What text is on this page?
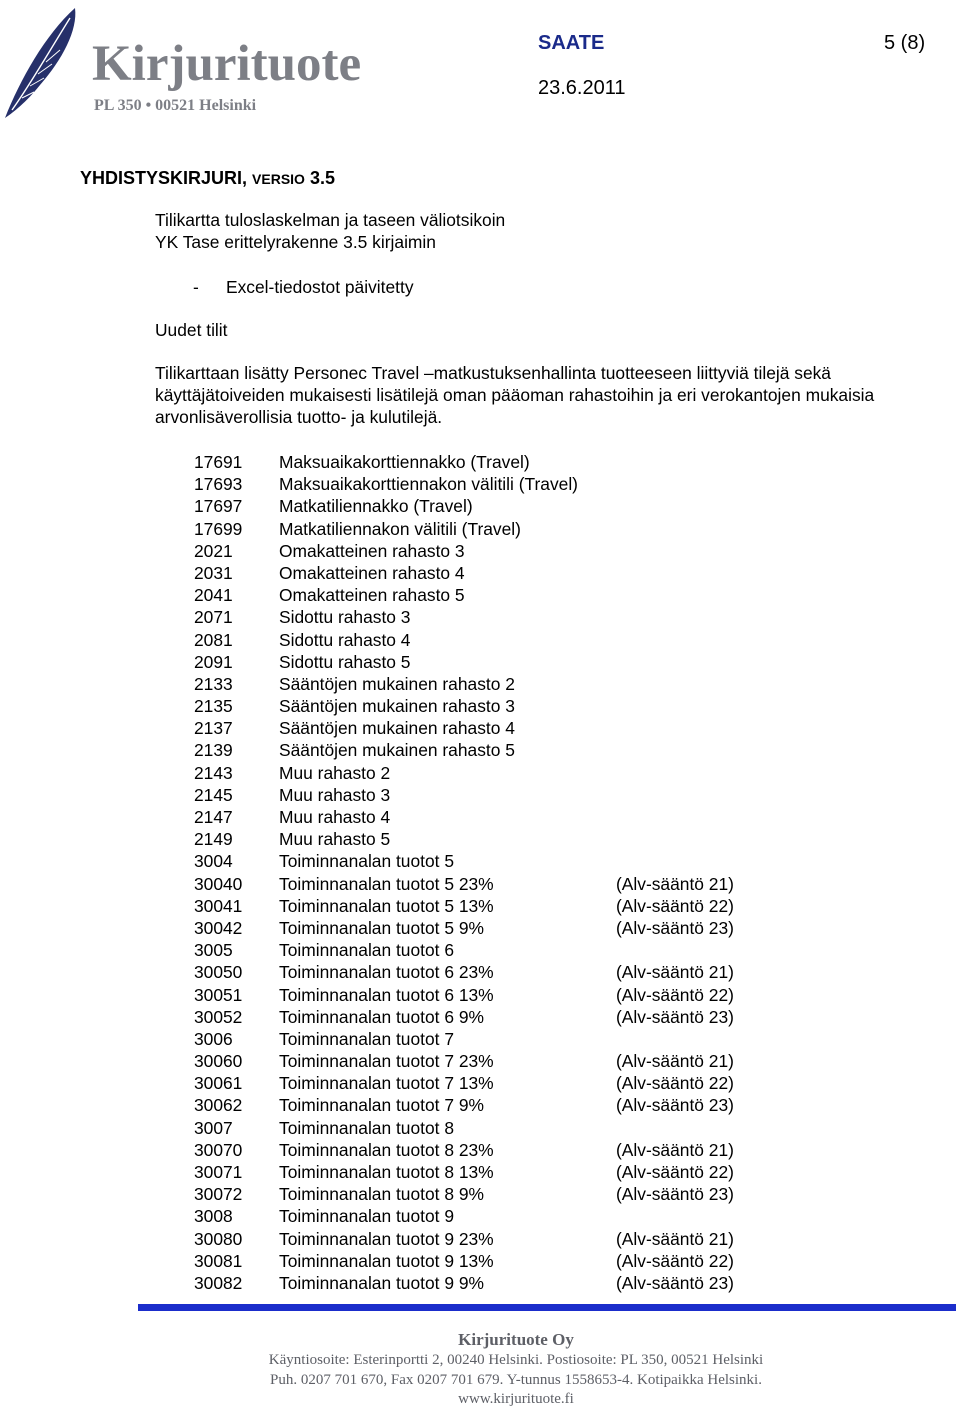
Kirjurituote
PL 350 • 00521 Helsinki
SAATE	5 (8)
23.6.2011
YHDISTYSKIRJURI, VERSIO 3.5
Tilikartta tuloslaskelman ja taseen väliotsikoin
YK Tase erittelyrakenne 3.5 kirjaimin
- Excel-tiedostot päivitetty
Uudet tilit
Tilikarttaan lisätty Personec Travel –matkustuksenhallinta tuotteeseen liittyviä tilejä sekä käyttäjätoiveiden mukaisesti lisätilejä oman pääoman rahastoihin ja eri verokantojen mukaisia arvonlisäverollisia tuotto- ja kulutilejä.
17691 Maksuaikakorttiennakko (Travel)
17693 Maksuaikakorttiennakon välitili (Travel)
17697 Matkatiliennakko (Travel)
17699 Matkatiliennakon välitili (Travel)
2021	Omakatteinen rahasto 3
2031	Omakatteinen rahasto 4
2041	Omakatteinen rahasto 5
2071	Sidottu rahasto 3
2081	Sidottu rahasto 4
2091	Sidottu rahasto 5
2133	Sääntöjen mukainen rahasto 2
2135	Sääntöjen mukainen rahasto 3
2137	Sääntöjen mukainen rahasto 4
2139	Sääntöjen mukainen rahasto 5
2143	Muu rahasto 2
2145	Muu rahasto 3
2147	Muu rahasto 4
2149	Muu rahasto 5
3004	Toiminnanalan tuotot 5
30040 Toiminnanalan tuotot 5 23%	(Alv-sääntö 21)
30041 Toiminnanalan tuotot 5 13%	(Alv-sääntö 22)
30042 Toiminnanalan tuotot 5 9%	(Alv-sääntö 23)
3005	Toiminnanalan tuotot 6
30050 Toiminnanalan tuotot 6 23%	(Alv-sääntö 21)
30051 Toiminnanalan tuotot 6 13%	(Alv-sääntö 22)
30052 Toiminnanalan tuotot 6 9%	(Alv-sääntö 23)
3006	Toiminnanalan tuotot 7
30060 Toiminnanalan tuotot 7 23%	(Alv-sääntö 21)
30061 Toiminnanalan tuotot 7 13%	(Alv-sääntö 22)
30062 Toiminnanalan tuotot 7 9%	(Alv-sääntö 23)
3007	Toiminnanalan tuotot 8
30070 Toiminnanalan tuotot 8 23%	(Alv-sääntö 21)
30071 Toiminnanalan tuotot 8 13%	(Alv-sääntö 22)
30072 Toiminnanalan tuotot 8 9%	(Alv-sääntö 23)
3008	Toiminnanalan tuotot 9
30080 Toiminnanalan tuotot 9 23%	(Alv-sääntö 21)
30081 Toiminnanalan tuotot 9 13%	(Alv-sääntö 22)
30082 Toiminnanalan tuotot 9 9%	(Alv-sääntö 23)
Kirjurituote Oy
Käyntiosoite: Esterinportti 2, 00240 Helsinki. Postiosoite: PL 350, 00521 Helsinki
Puh. 0207 701 670, Fax 0207 701 679. Y-tunnus 1558653-4. Kotipaikka Helsinki.
www.kirjurituote.fi
